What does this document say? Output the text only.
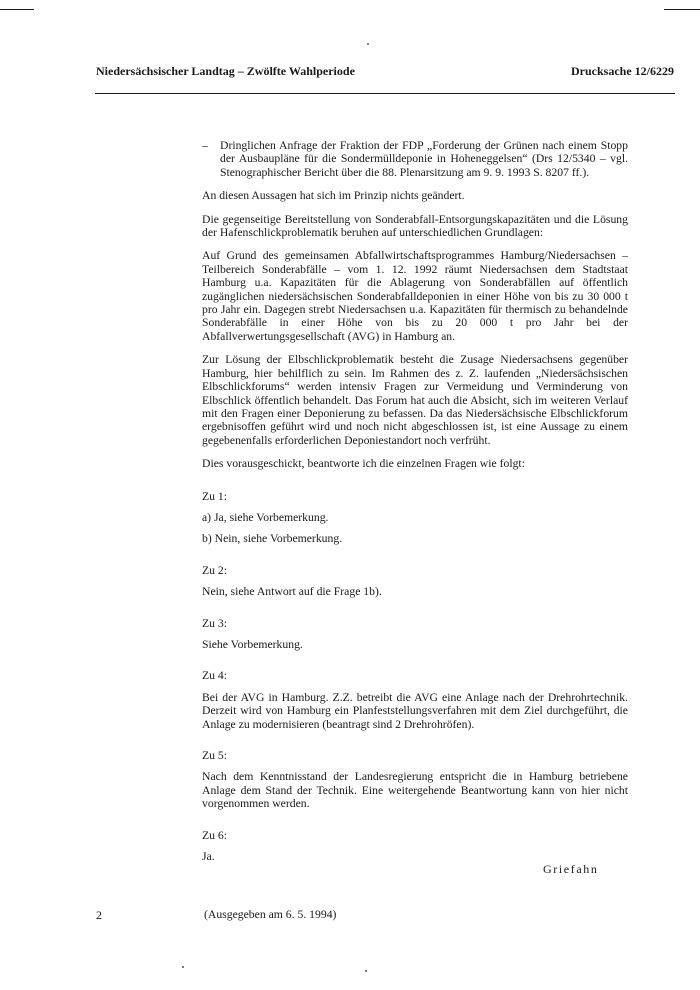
Niedersächsischer Landtag – Zwölfte Wahlperiode	Drucksache 12/6229
–	Dringlichen Anfrage der Fraktion der FDP „Forderung der Grünen nach einem Stopp der Ausbaupläne für die Sondermülldeponie in Hoheneggelsen“ (Drs 12/5340 – vgl. Stenographischer Bericht über die 88. Plenarsitzung am 9. 9. 1993 S. 8207 ff.).

An diesen Aussagen hat sich im Prinzip nichts geändert.

Die gegenseitige Bereitstellung von Sonderabfall-Entsorgungskapazitäten und die Lösung der Hafenschlickproblematik beruhen auf unterschiedlichen Grundlagen:

Auf Grund des gemeinsamen Abfallwirtschaftsprogrammes Hamburg/Niedersachsen – Teilbereich Sonderabfälle – vom 1. 12. 1992 räumt Niedersachsen dem Stadtstaat Hamburg u.a. Kapazitäten für die Ablagerung von Sonderabfällen auf öffentlich zugänglichen niedersächsischen Sonderabfalldeponien in einer Höhe von bis zu 30 000 t pro Jahr ein. Dagegen strebt Niedersachsen u.a. Kapazitäten für thermisch zu behandelnde Sonderabfälle in einer Höhe von bis zu 20 000 t pro Jahr bei der Abfallverwertungsgesellschaft (AVG) in Hamburg an.

Zur Lösung der Elbschlickproblematik besteht die Zusage Niedersachsens gegenüber Hamburg, hier behilflich zu sein. Im Rahmen des z. Z. laufenden „Niedersächsischen Elbschlickforums“ werden intensiv Fragen zur Vermeidung und Verminderung von Elbschlick öffentlich behandelt. Das Forum hat auch die Absicht, sich im weiteren Verlauf mit den Fragen einer Deponierung zu befassen. Da das Niedersächsische Elbschlickforum ergebnisoffen geführt wird und noch nicht abgeschlossen ist, ist eine Aussage zu einem gegebenenfalls erforderlichen Deponiestandort noch verfrüht.

Dies vorausgeschickt, beantworte ich die einzelnen Fragen wie folgt:

Zu 1:

a) Ja, siehe Vorbemerkung.

b) Nein, siehe Vorbemerkung.

Zu 2:

Nein, siehe Antwort auf die Frage 1b).

Zu 3:

Siehe Vorbemerkung.

Zu 4:

Bei der AVG in Hamburg. Z.Z. betreibt die AVG eine Anlage nach der Drehrohrtechnik. Derzeit wird von Hamburg ein Planfeststellungsverfahren mit dem Ziel durchgeführt, die Anlage zu modernisieren (beantragt sind 2 Drehrohröfen).

Zu 5:

Nach dem Kenntnisstand der Landesregierung entspricht die in Hamburg betriebene Anlage dem Stand der Technik. Eine weitergehende Beantwortung kann von hier nicht vorgenommen werden.

Zu 6:

Ja.

Griefahn
2	(Ausgegeben am 6. 5. 1994)
